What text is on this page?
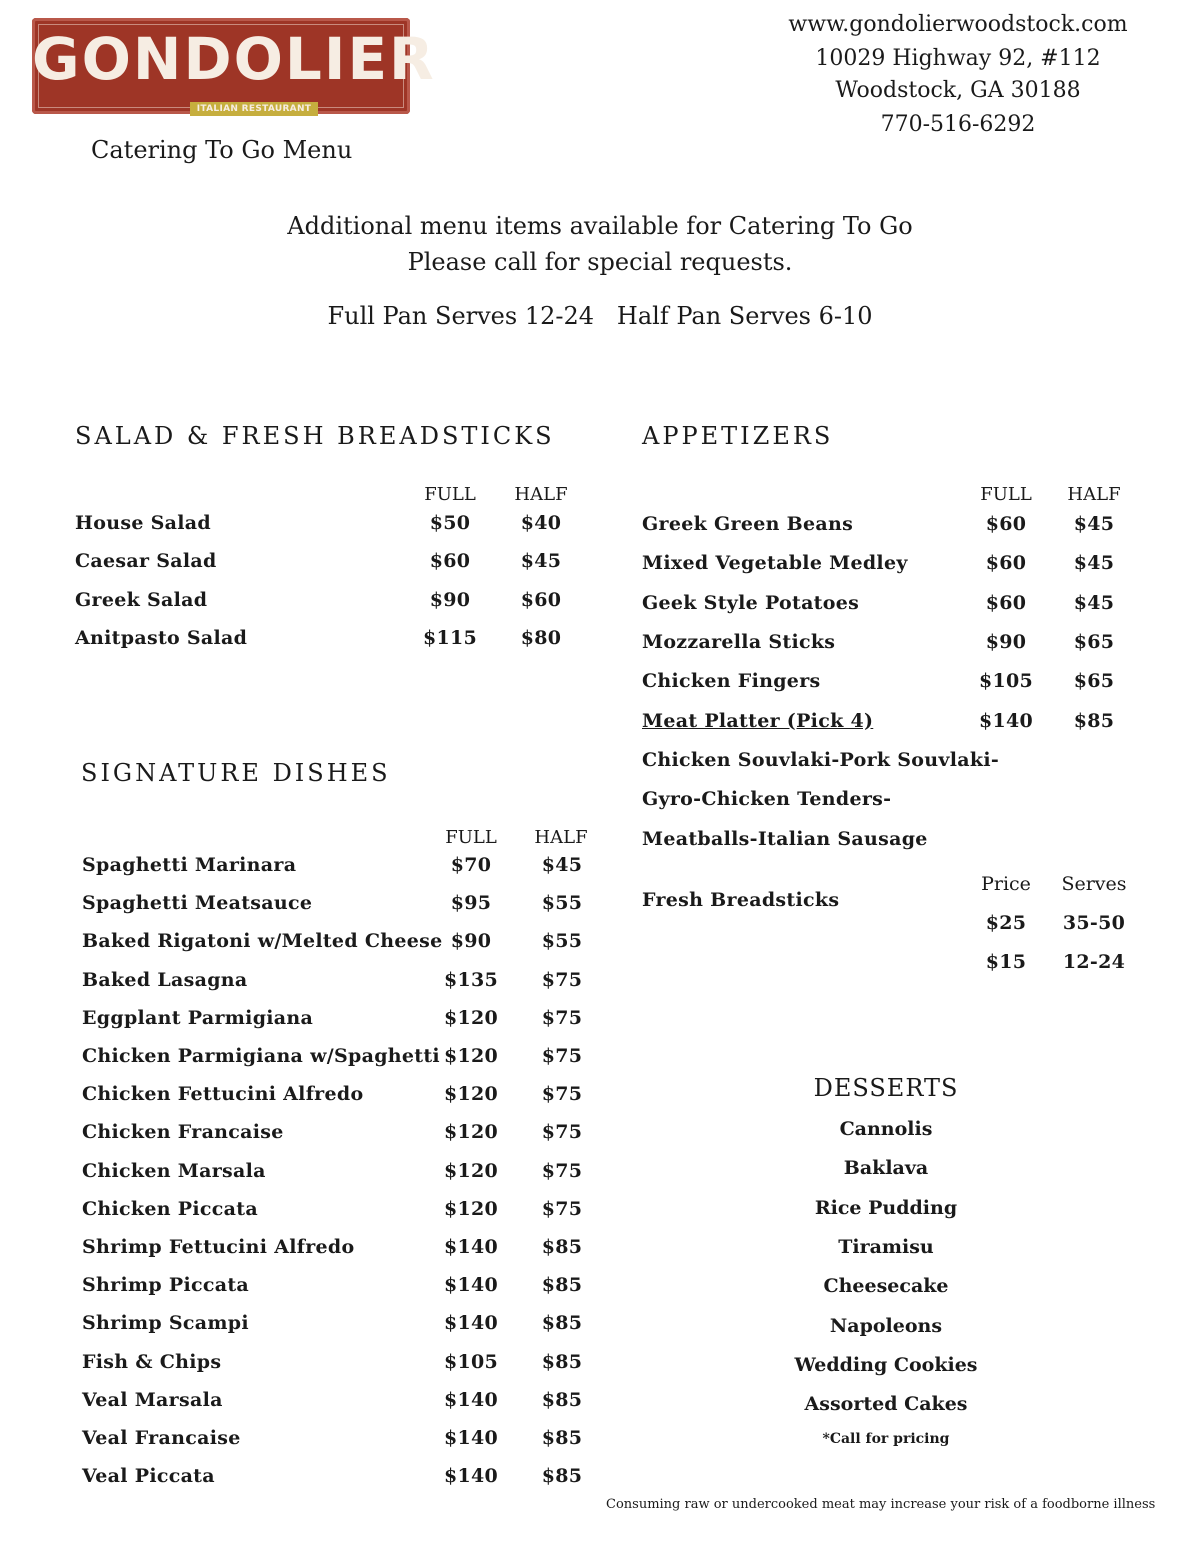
GONDOLIER
ITALIAN RESTAURANT
Catering To Go Menu
www.gondolierwoodstock.com
10029 Highway 92, #112
Woodstock, GA 30188
770-516-6292
Additional menu items available for Catering To Go
Please call for special requests.
Full Pan Serves 12-24   Half Pan Serves 6-10
SALAD & FRESH BREADSTICKS
FULL	HALF
House Salad	$50	$40
Caesar Salad	$60	$45
Greek Salad	$90	$60
Anitpasto Salad	$115	$80
SIGNATURE DISHES
FULL	HALF
Spaghetti Marinara	$70	$45
Spaghetti Meatsauce	$95	$55
Baked Rigatoni w/Melted Cheese $90	$55
Baked Lasagna	$135	$75
Eggplant Parmigiana	$120	$75
Chicken Parmigiana w/Spaghetti $120	$75
Chicken Fettucini Alfredo	$120	$75
Chicken Francaise	$120	$75
Chicken Marsala	$120	$75
Chicken Piccata	$120	$75
Shrimp Fettucini Alfredo	$140	$85
Shrimp Piccata	$140	$85
Shrimp Scampi	$140	$85
Fish & Chips	$105	$85
Veal Marsala	$140	$85
Veal Francaise	$140	$85
Veal Piccata	$140	$85
APPETIZERS
FULL	HALF
Greek Green Beans	$60	$45
Mixed Vegetable Medley	$60	$45
Geek Style Potatoes	$60	$45
Mozzarella Sticks	$90	$65
Chicken Fingers	$105	$65
Meat Platter (Pick 4)	$140	$85
Chicken Souvlaki-Pork Souvlaki-
Gyro-Chicken Tenders-
Meatballs-Italian Sausage
Fresh Breadsticks
Price	Serves
$25	35-50
$15	12-24
DESSERTS
Cannolis
Baklava
Rice Pudding
Tiramisu
Cheesecake
Napoleons
Wedding Cookies
Assorted Cakes
*Call for pricing
Consuming raw or undercooked meat may increase your risk of a foodborne illness
